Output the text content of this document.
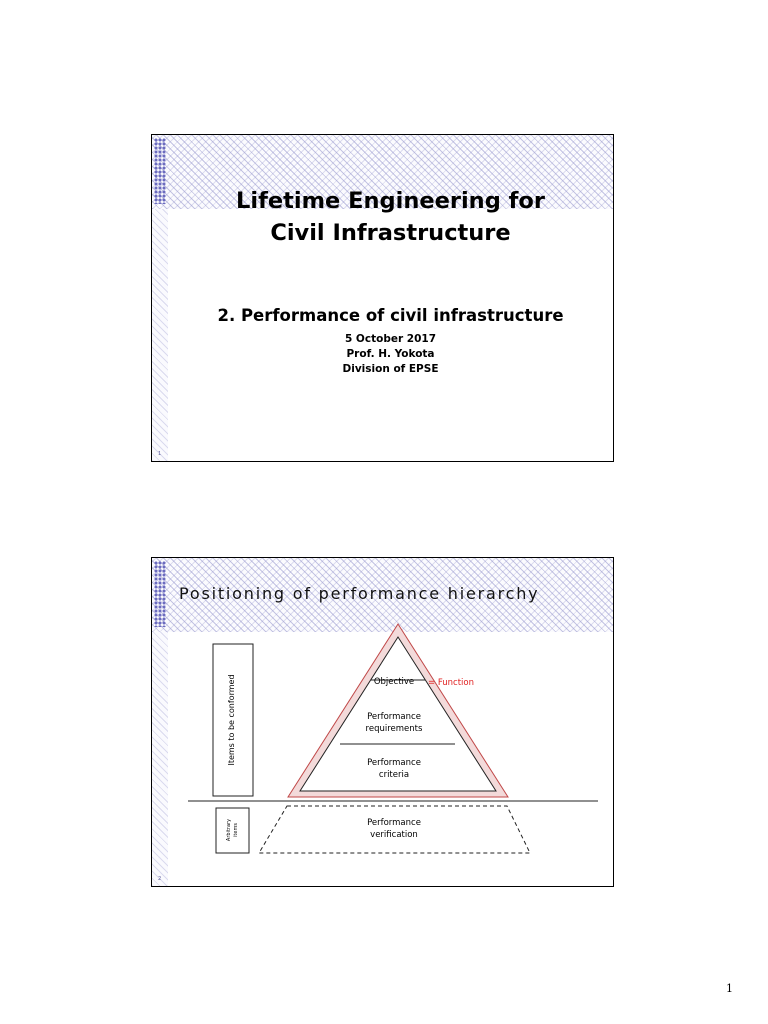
Lifetime Engineering for
Civil Infrastructure
2. Performance of civil infrastructure
5 October 2017
Prof. H. Yokota
Division of EPSE
1
Positioning of performance hierarchy
Items to be conformed
Arbitrary items
Objective = Function
Performance
requirements
Performance
criteria
Performance
verification
2
1
